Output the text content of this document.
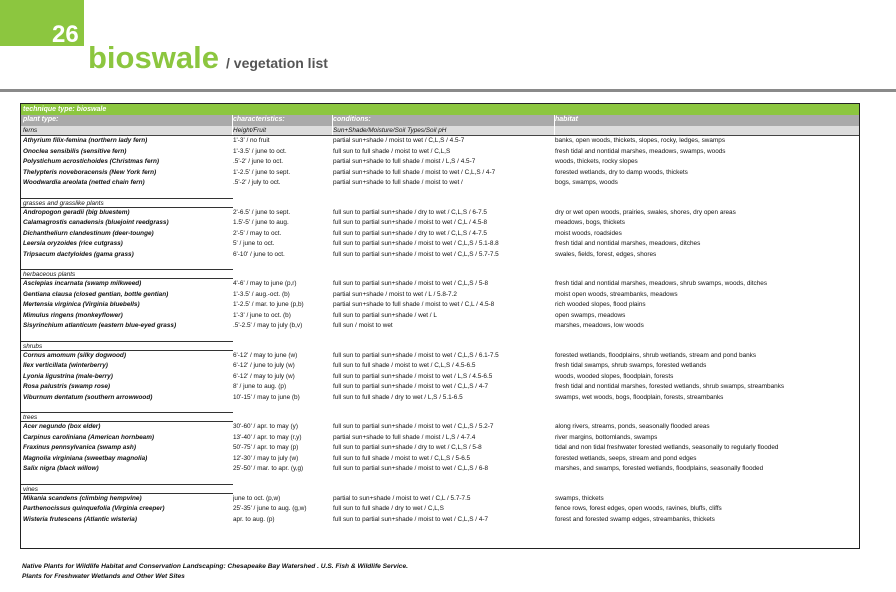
26
bioswale / vegetation list
technique type: bioswale
plant type:	characteristics:	conditions:	habitat
ferns	Height/Fruit	Sun+Shade/Moisture/Soil Types/Soil pH
Athyrium filix-femina (northern lady fern)	1'-3' / no fruit	partial sun+shade / moist to wet / C,L,S / 4.5-7	banks, open woods, thickets, slopes, rocky, ledges, swamps
Onoclea sensibilis (sensitive fern)	1'-3.5' / june to oct.	full sun to full shade / moist to wet / C,L,S	fresh tidal and nontidal marshes, meadows, swamps, woods
Polystichum acrostichoides (Christmas fern)	.5'-2' / june to oct.	partial sun+shade to full shade / moist / L,S / 4.5-7	woods, thickets, rocky slopes
Thelypteris noveboracensis (New York fern)	1'-2.5' / june to sept.	partial sun+shade to full shade / moist to wet / C,L,S / 4-7	forested wetlands, dry to damp woods, thickets
Woodwardia areolata (netted chain fern)	.5'-2' / july to oct.	partial sun+shade to full shade / moist to wet /	bogs, swamps, woods
grasses and grasslike plants
Andropogon geradii (big bluestem)	2'-6.5' / june to sept.	full sun to partial sun+shade / dry to wet / C,L,S / 6-7.5	dry or wet open woods, prairies, swales, shores, dry open areas
Calamagrostis canadensis (bluejoint reedgrass)	1.5'-5' / june to aug.	full sun to partial sun+shade / moist to wet / C,L / 4.5-8	meadows, bogs, thickets
Dichantheliurn clandestinum (deer-tounge)	2'-5' / may to oct.	full sun to partial sun+shade / dry to wet / C,L,S / 4-7.5	moist woods, roadsides
Leersia oryzoides (rice cutgrass)	5' / june to oct.	full sun to partial sun+shade / moist to wet / C,L,S / 5.1-8.8	fresh tidal and nontidal marshes, meadows, ditches
Tripsacum dactyloides (gama grass)	6'-10' / june to oct.	full sun to partial sun+shade / moist to wet / C,L,S / 5.7-7.5	swales, fields, forest, edges, shores
herbaceous plants
Asclepias incarnata (swamp milkweed)	4'-6' / may to june (p,r)	full sun to partial sun+shade / moist to wet / C,L,S / 5-8	fresh tidal and nontidal marshes, meadows, shrub swamps, woods, ditches
Gentiana clausa (closed gentian, bottle gentian)	1'-3.5' / aug.-oct. (b)	partial sun+shade / moist to wet / L / 5.8-7.2	moist open woods, streambanks, meadows
Mertensia virginica (Virginia bluebells)	1'-2.5' / mar. to june (p,b)	partial sun+shade to full shade / moist to wet / C,L / 4.5-8	rich wooded slopes, flood plains
Mimulus ringens (monkeyflower)	1'-3' / june to oct. (b)	full sun to partial sun+shade / wet / L	open swamps, meadows
Sisyrinchium atlanticum (eastern blue-eyed grass)	.5'-2.5' / may to july (b,v)	full sun / moist to wet	marshes, meadows, low woods
shrubs
Cornus amomum (silky dogwood)	6'-12' / may to june (w)	full sun to partial sun+shade / moist to wet / C,L,S / 6.1-7.5	forested wetlands, floodplains, shrub wetlands, stream and pond banks
Ilex verticillata (winterberry)	6'-12' / june to july (w)	full sun to full shade / moist to wet / C,L,S / 4.5-6.5	fresh tidal swamps, shrub swamps, forested wetlands
Lyonia ligustrina (male-berry)	6'-12' / may to july (w)	full sun to partial sun+shade / moist to wet / L,S / 4.5-6.5	woods, wooded slopes, floodplain, forests
Rosa palustris (swamp rose)	8' / june to aug. (p)	full sun to partial sun+shade / moist to wet / C,L,S / 4-7	fresh tidal and nontidal marshes, forested wetlands, shrub swamps, streambanks
Viburnum dentatum (southern arrowwood)	10'-15' / may to june (b)	full sun to full shade / dry to wet / L,S / 5.1-6.5	swamps, wet woods, bogs, floodplain, forests, streambanks
trees
Acer negundo (box elder)	30'-60' / apr. to may (y)	full sun to partial sun+shade / moist to wet / C,L,S / 5.2-7	along rivers, streams, ponds, seasonally flooded areas
Carpinus caroliniana (American hornbeam)	13'-40' / apr. to may (r,y)	partial sun+shade to full shade / moist / L,S / 4-7.4	river margins, bottomlands, swamps
Fraxinus pennsylvanica (swamp ash)	50'-75' / apr. to may (p)	full sun to partial sun+shade / dry to wet / C,L,S / 5-8	tidal and non tidal freshwater forested wetlands, seasonally to regularly flooded
Magnolia virginiana (sweetbay magnolia)	12'-30' / may to july (w)	full sun to full shade / moist to wet / C,L,S / 5-6.5	forested wetlands, seeps, stream and pond edges
Salix nigra (black willow)	25'-50' / mar. to apr. (y,g)	full sun to partial sun+shade / moist to wet / C,L,S / 6-8	marshes, and swamps, forested wetlands, floodplains, seasonally flooded
vines
Mikania scandens (climbing hempvine)	june to oct. (p,w)	partial to sun+shade / moist to wet / C,L / 5.7-7.5	swamps, thickets
Parthenocissus quinquefolia (Virginia creeper)	25'-35' / june to aug. (g,w)	full sun to full shade / dry to wet / C,L,S	fence rows, forest edges, open woods, ravines, bluffs, cliffs
Wisteria frutescens (Atlantic wisteria)	apr. to aug. (p)	full sun to partial sun+shade / moist to wet / C,L,S / 4-7	forest and forested swamp edges, streambanks, thickets
Native Plants for Wildlife Habitat and Conservation Landscaping: Chesapeake Bay Watershed . U.S. Fish & Wildlife Service.
Plants for Freshwater Wetlands and Other Wet Sites
